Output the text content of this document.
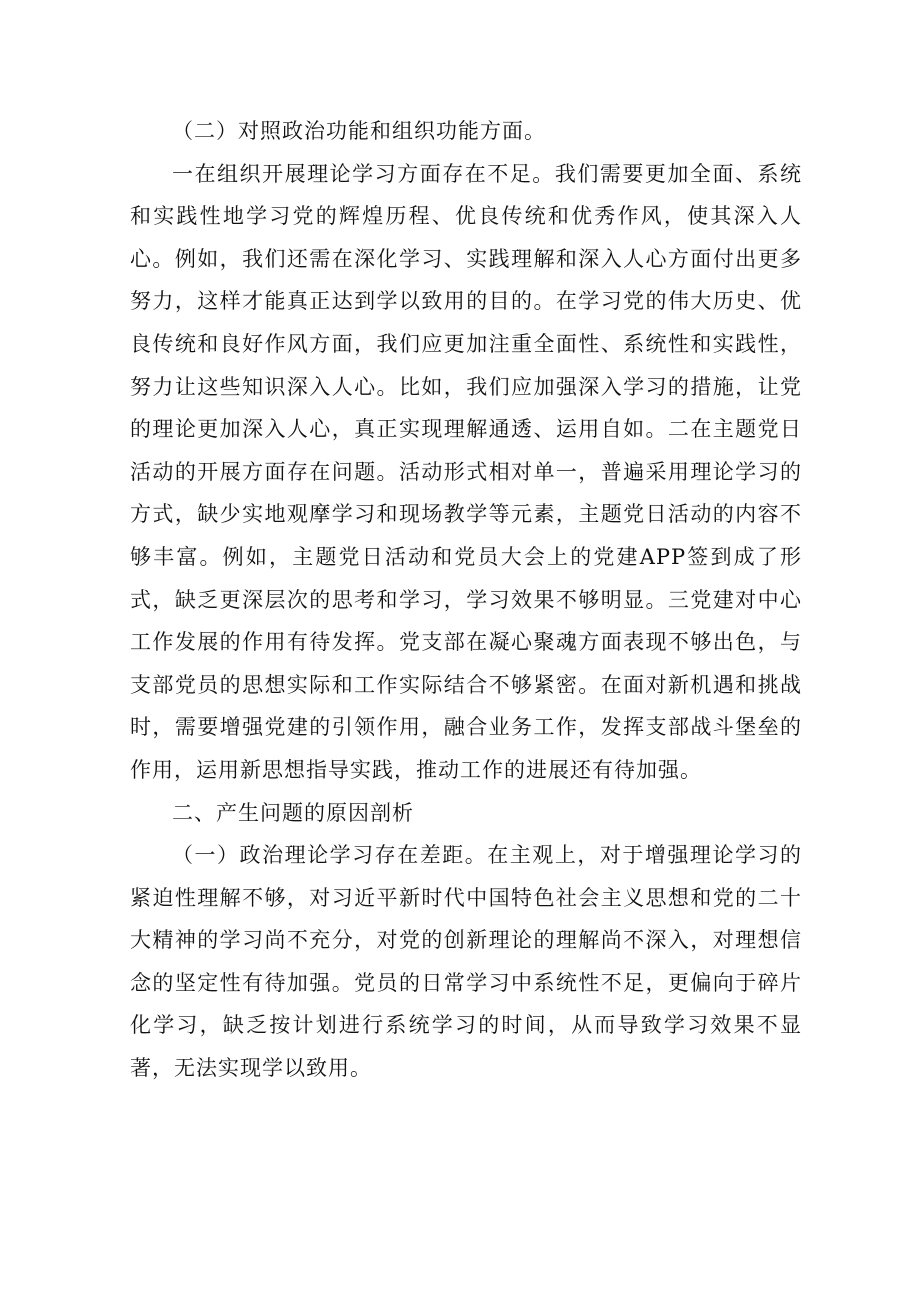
（二）对照政治功能和组织功能方面。

一在组织开展理论学习方面存在不足。我们需要更加全面、系统和实践性地学习党的辉煌历程、优良传统和优秀作风，使其深入人心。例如，我们还需在深化学习、实践理解和深入人心方面付出更多努力，这样才能真正达到学以致用的目的。在学习党的伟大历史、优良传统和良好作风方面，我们应更加注重全面性、系统性和实践性，努力让这些知识深入人心。比如，我们应加强深入学习的措施，让党的理论更加深入人心，真正实现理解通透、运用自如。二在主题党日活动的开展方面存在问题。活动形式相对单一，普遍采用理论学习的方式，缺少实地观摩学习和现场教学等元素，主题党日活动的内容不够丰富。例如，主题党日活动和党员大会上的党建APP签到成了形式，缺乏更深层次的思考和学习，学习效果不够明显。三党建对中心工作发展的作用有待发挥。党支部在凝心聚魂方面表现不够出色，与支部党员的思想实际和工作实际结合不够紧密。在面对新机遇和挑战时，需要增强党建的引领作用，融合业务工作，发挥支部战斗堡垒的作用，运用新思想指导实践，推动工作的进展还有待加强。

二、产生问题的原因剖析

（一）政治理论学习存在差距。在主观上，对于增强理论学习的紧迫性理解不够，对习近平新时代中国特色社会主义思想和党的二十大精神的学习尚不充分，对党的创新理论的理解尚不深入，对理想信念的坚定性有待加强。党员的日常学习中系统性不足，更偏向于碎片化学习，缺乏按计划进行系统学习的时间，从而导致学习效果不显著，无法实现学以致用。
